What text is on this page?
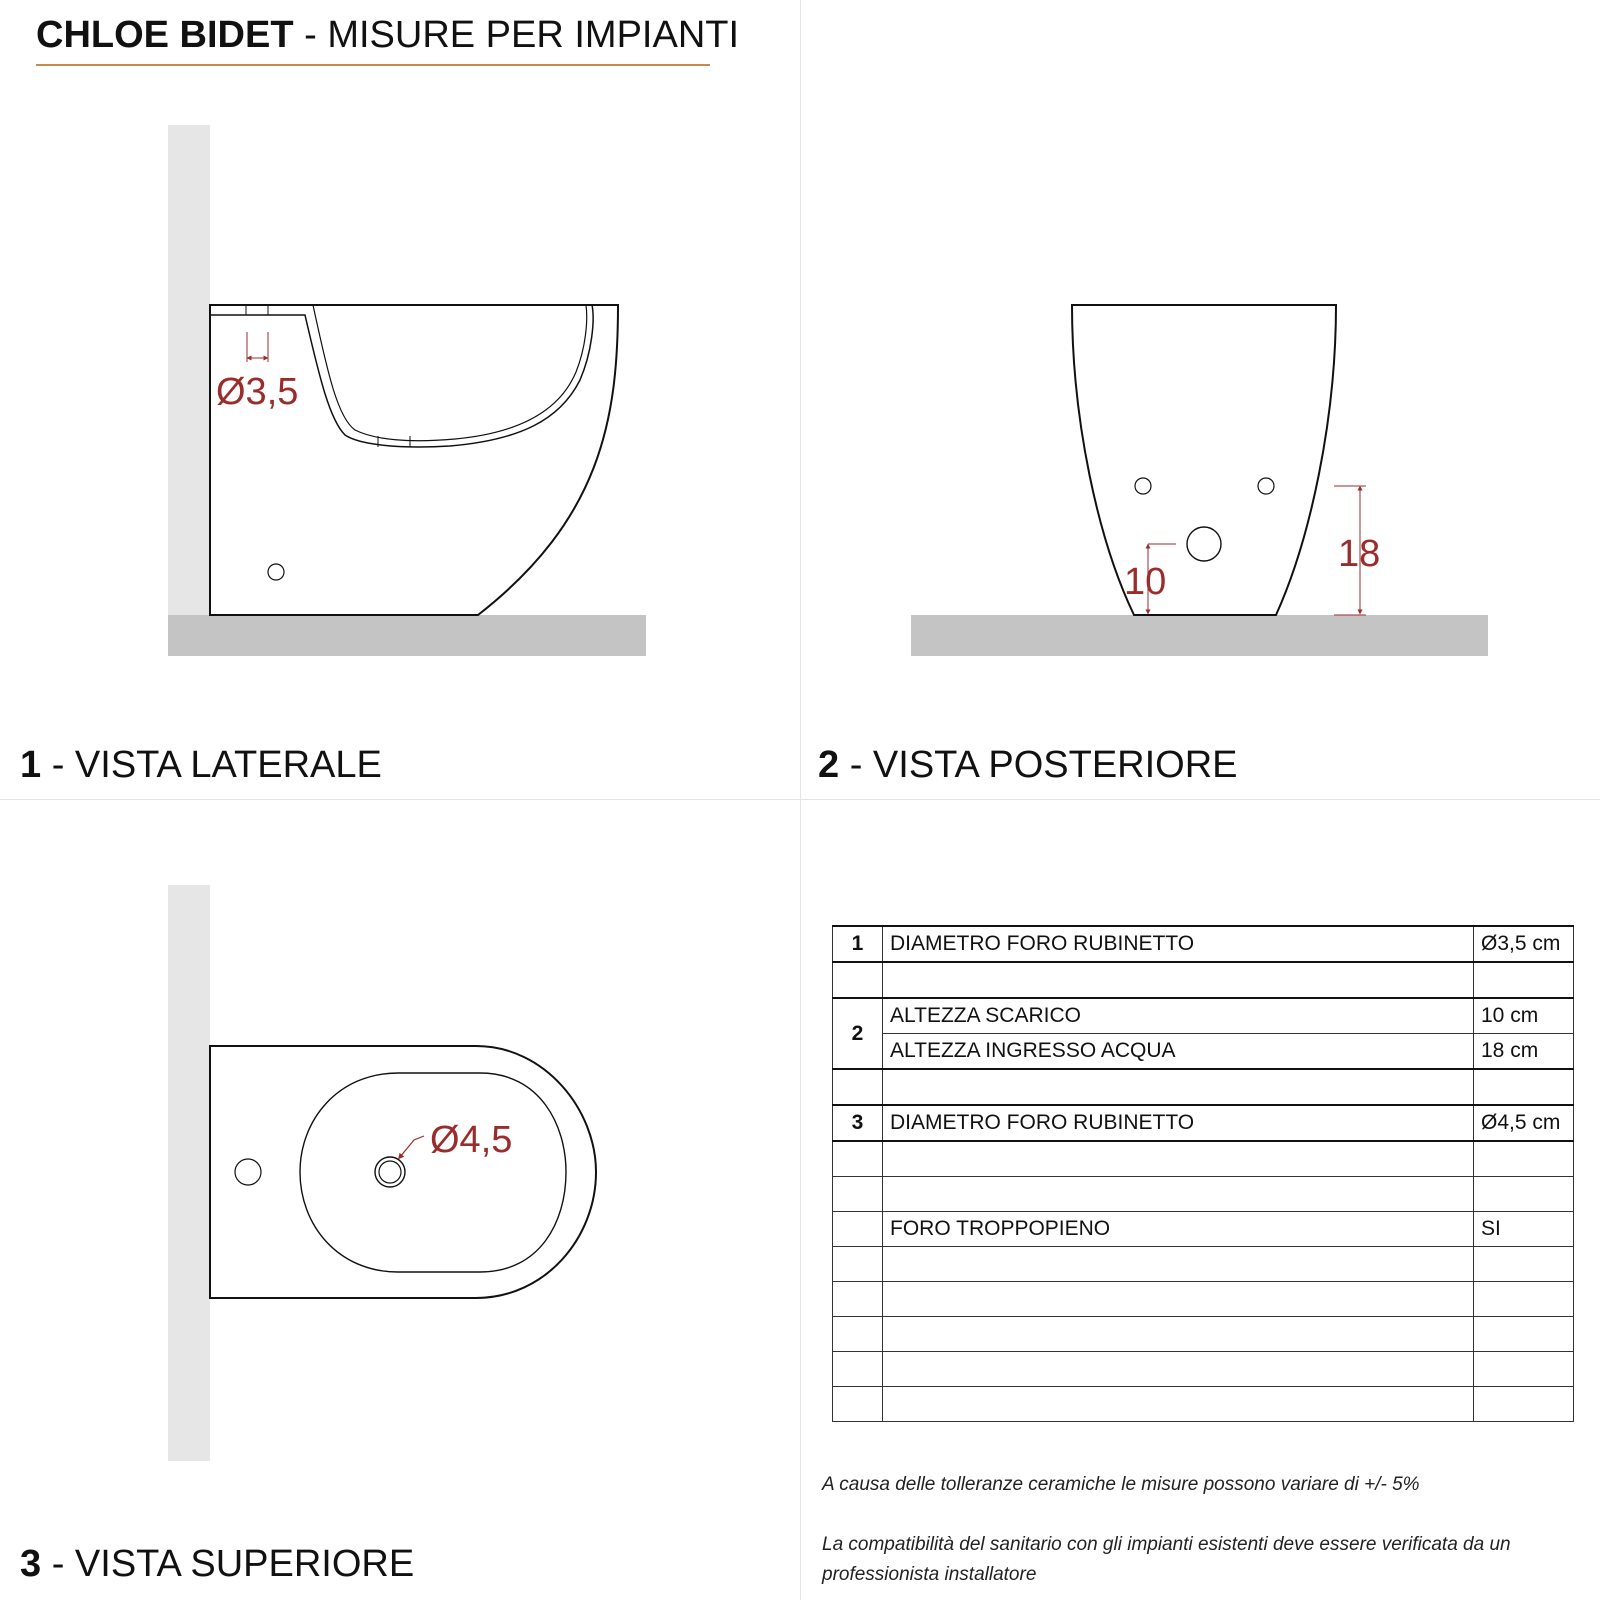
CHLOE BIDET - MISURE PER IMPIANTI
Ø3,5
10
18
Ø4,5
1 - VISTA LATERALE	2 - VISTA POSTERIORE
3 - VISTA SUPERIORE
1	DIAMETRO FORO RUBINETTO	Ø3,5 cm

2	ALTEZZA SCARICO	10 cm
	ALTEZZA INGRESSO ACQUA	18 cm

3	DIAMETRO FORO RUBINETTO	Ø4,5 cm

	FORO TROPPOPIENO	SI

A causa delle tolleranze ceramiche le misure possono variare di +/- 5%
La compatibilità del sanitario con gli impianti esistenti deve essere verificata da un professionista installatore
